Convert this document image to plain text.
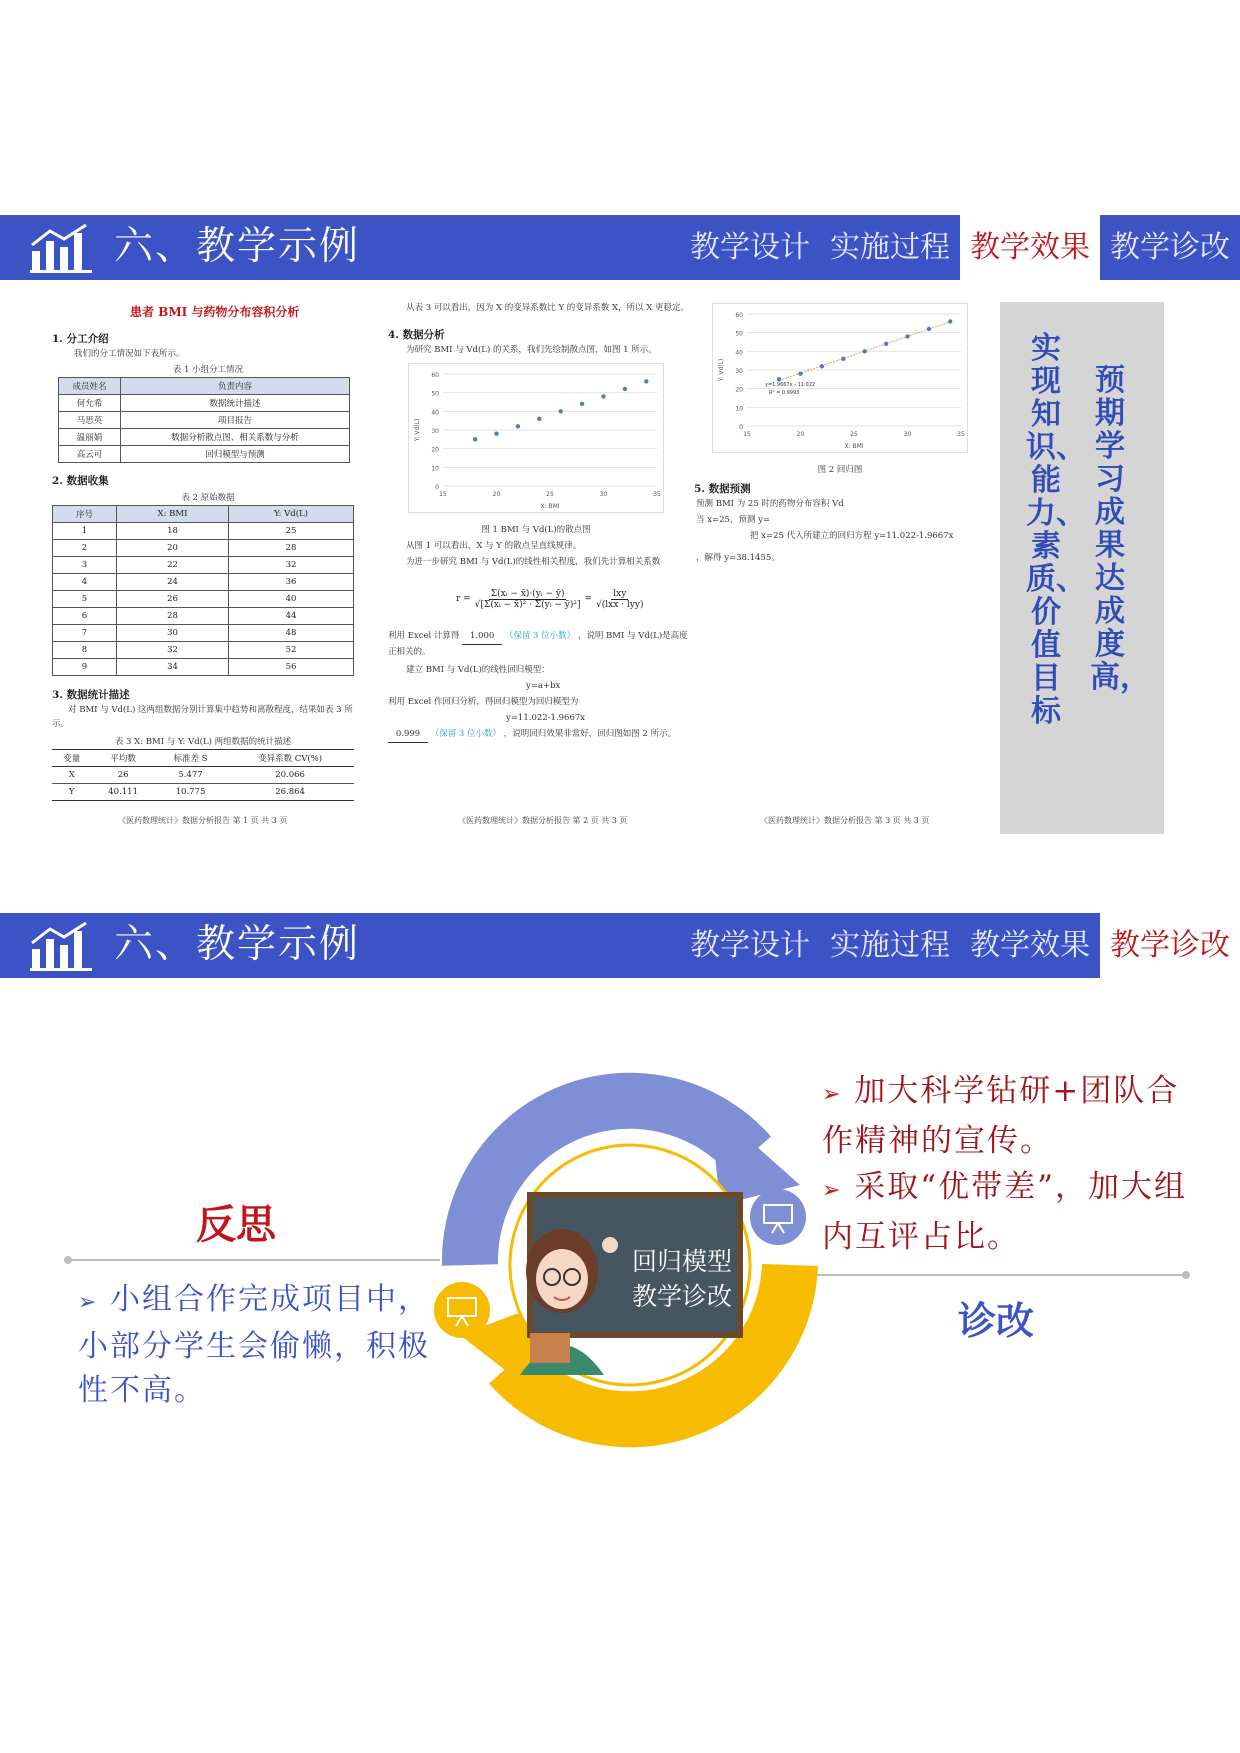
六、教学示例	教学设计 实施过程 教学效果 教学诊改
患者 BMI 与药物分布容积分析
1. 分工介绍
我们的分工情况如下表所示。
表 1 小组分工情况
成员姓名	负责内容
何允希	数据统计描述
马思英	项目报告
温丽娟	数据分析散点图、相关系数与分析
高云可	回归模型与预测
2. 数据收集
表 2 原始数据
序号	X: BMI	Y: Vd(L)
1	18	25
2	20	28
3	22	32
4	24	36
5	26	40
6	28	44
7	30	48
8	32	52
9	34	56
3. 数据统计描述
对 BMI 与 Vd(L) 这两组数据分别计算集中趋势和离散程度，结果如表 3 所
示。
表 3 X: BMI 与 Y: Vd(L) 两组数据的统计描述
变量	平均数	标准差 S	变异系数 CV(%)
X	26	5.477	20.066
Y	40.111	10.775	26.864
《医药数理统计》数据分析报告 第 1 页 共 3 页
从表 3 可以看出，因为 X 的变异系数比 Y 的变异系数 X，所以 X 更稳定。
4. 数据分析
为研究 BMI 与 Vd(L) 的关系，我们先绘制散点图，如图 1 所示。
0
10
20
30
40
50
60
15	20	25	30	35
X: BMI
Y: Vd(L)
图 1 BMI 与 Vd(L)的散点图
从图 1 可以看出，X 与 Y 的散点呈直线规律。
为进一步研究 BMI 与 Vd(L)的线性相关程度，我们先计算相关系数
$r = \frac{\text{Σ(xᵢ − x̄)·(yᵢ − ȳ)}}{\text{√[Σ(xᵢ − x̄)² · Σ(yᵢ − ȳ)²]}}$ =
lxy
√(lxx · lyy)
利用 Excel 计算得 1.000 （保留 3 位小数） ，说明 BMI 与 Vd(L)是高度
正相关的。
建立 BMI 与 Vd(L)的线性回归模型：
y=a+bx
利用 Excel 作回归分析，得回归模型为回归模型为
y=11.022-1.9667x
0.999 （保留 3 位小数） ，说明回归效果非常好，回归图如图 2 所示。
《医药数理统计》数据分析报告 第 2 页 共 3 页
0
10
20
30
40
50
60
15	20	25	30	35
X: BMI
Y: Vd(L)
y=1.9667x - 11.022
R² = 0.9993
图 2 回归图
5. 数据预测
预测 BMI 为 25 时的药物分布容积 Vd
当 x=25，预测 y=
把 x=25 代入所建立的回归方程 y=11.022-1.9667x
，解得 y=38.1455。
《医药数理统计》数据分析报告 第 3 页 共 3 页
实现知识、能力、素质、价值目标
预期学习成果达成度高，
六、教学示例	教学设计 实施过程 教学效果 教学诊改
回归模型
教学诊改
反思
➢ 小组合作完成项目中，小部分学生会偷懒，积极性不高。
➢ 加大科学钻研+团队合作精神的宣传。
➢ 采取“优带差”，加大组内互评占比。
诊改
